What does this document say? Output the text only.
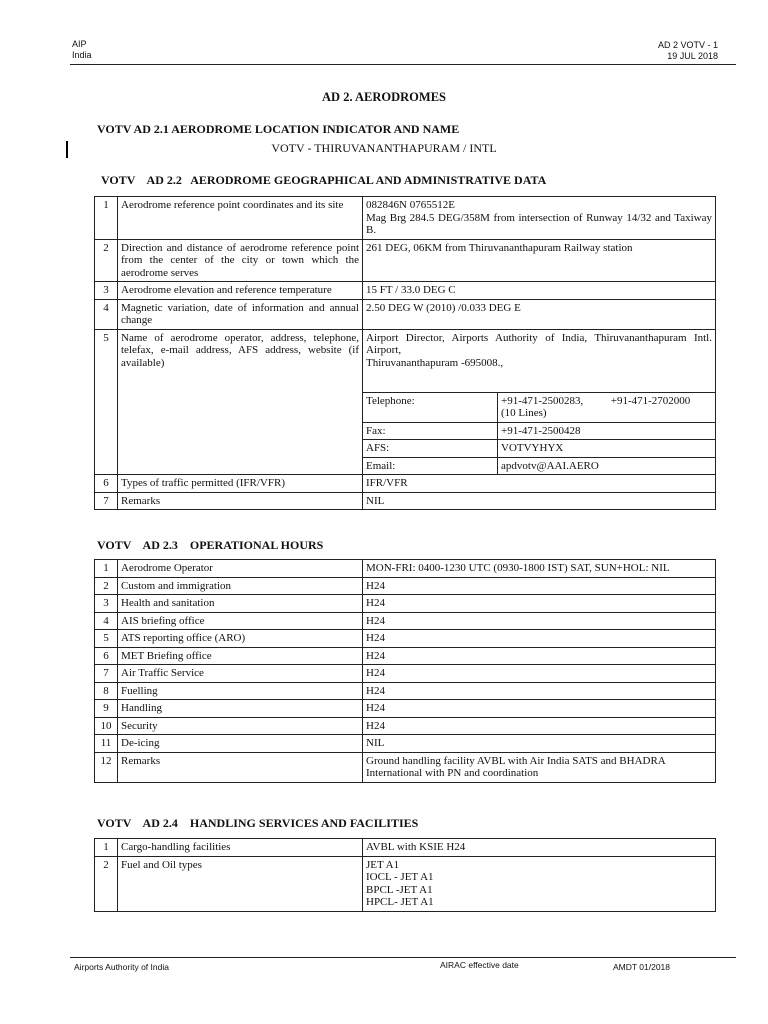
AIP
India
AD 2 VOTV - 1
19 JUL 2018
AD 2. AERODROMES
VOTV AD 2.1 AERODROME LOCATION INDICATOR AND NAME
VOTV - THIRUVANANTHAPURAM / INTL
VOTV    AD 2.2   AERODROME GEOGRAPHICAL AND ADMINISTRATIVE DATA
1	Aerodrome reference point coordinates and its site	082846N 0765512E
Mag Brg 284.5 DEG/358M from intersection of Runway 14/32 and Taxiway B.	
2	Direction and distance of aerodrome reference point from the center of the city or town which the aerodrome serves	261 DEG, 06KM from Thiruvananthapuram Railway station	
3	Aerodrome elevation and reference temperature	15 FT / 33.0 DEG C	
4	Magnetic variation, date of information and annual change	2.50 DEG W (2010) /0.033 DEG E	
5	Name of aerodrome operator, address, telephone, telefax, e-mail address, AFS address, website (if available)	Airport Director, Airports Authority of India, Thiruvananthapuram Intl. Airport,
Thiruvananthapuram -695008.,	
		Telephone:	+91-471-2500283,          +91-471-2702000
(10 Lines)
		Fax:	+91-471-2500428
		AFS:	VOTVYHYX
		Email:	apdvotv@AAI.AERO
6	Types of traffic permitted (IFR/VFR)	IFR/VFR	
7	Remarks	NIL	
VOTV    AD 2.3    OPERATIONAL HOURS
1	Aerodrome Operator	MON-FRI: 0400-1230 UTC (0930-1800 IST) SAT, SUN+HOL: NIL
2	Custom and immigration	H24
3	Health and sanitation	H24
4	AIS briefing office	H24
5	ATS reporting office (ARO)	H24
6	MET Briefing office	H24
7	Air Traffic Service	H24
8	Fuelling	H24
9	Handling	H24
10	Security	H24
11	De-icing	NIL
12	Remarks	Ground handling facility AVBL with Air India SATS and BHADRA International with PN and coordination
VOTV    AD 2.4    HANDLING SERVICES AND FACILITIES
1	Cargo-handling facilities	AVBL with KSIE H24
2	Fuel and Oil types	JET A1
IOCL - JET A1
BPCL -JET A1
HPCL- JET A1
Airports Authority of India	AIRAC effective date	AMDT 01/2018
